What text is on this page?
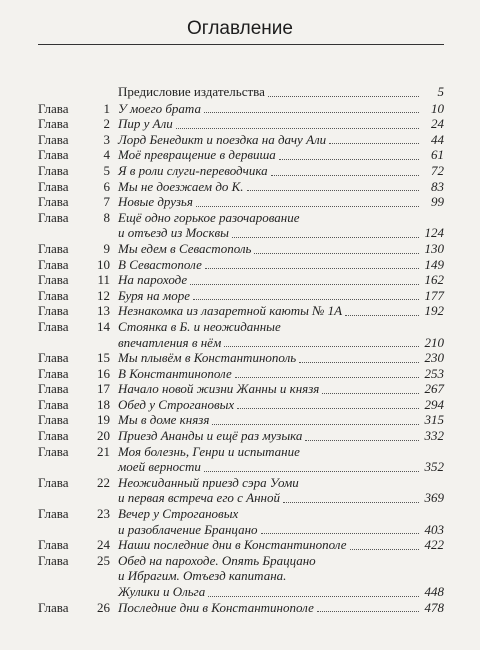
Оглавление
Предисловие издательства	5
Глава	1 У моего брата	10
Глава	2 Пир у Али	24
Глава	3 Лорд Бенедикт и поездка на дачу Али	44
Глава	4 Моё превращение в дервиша	61
Глава	5 Я в роли слуги-переводчика	72
Глава	6 Мы не доезжаем до К.	83
Глава	7 Новые друзья	99
Глава	8 Ещё одно горькое разочарование
и отъезд из Москвы	124
Глава	9 Мы едем в Севастополь	130
Глава	10 В Севастополе	149
Глава	11 На пароходе	162
Глава	12 Буря на море	177
Глава	13 Незнакомка из лазаретной каюты № 1А	192
Глава	14 Стоянка в Б. и неожиданные
впечатления в нём	210
Глава	15 Мы плывём в Константинополь	230
Глава	16 В Константинополе	253
Глава	17 Начало новой жизни Жанны и князя	267
Глава	18 Обед у Строгановых	294
Глава	19 Мы в доме князя	315
Глава	20 Приезд Ананды и ещё раз музыка	332
Глава	21 Моя болезнь, Генри и испытание
моей верности	352
Глава	22 Неожиданный приезд сэра Уоми
и первая встреча его с Анной	369
Глава	23 Вечер у Строгановых
и разоблачение Бранцано	403
Глава	24 Наши последние дни в Константинополе	422
Глава	25 Обед на пароходе. Опять Браццано
и Ибрагим. Отъезд капитана.
Жулики и Ольга	448
Глава	26 Последние дни в Константинополе	478
